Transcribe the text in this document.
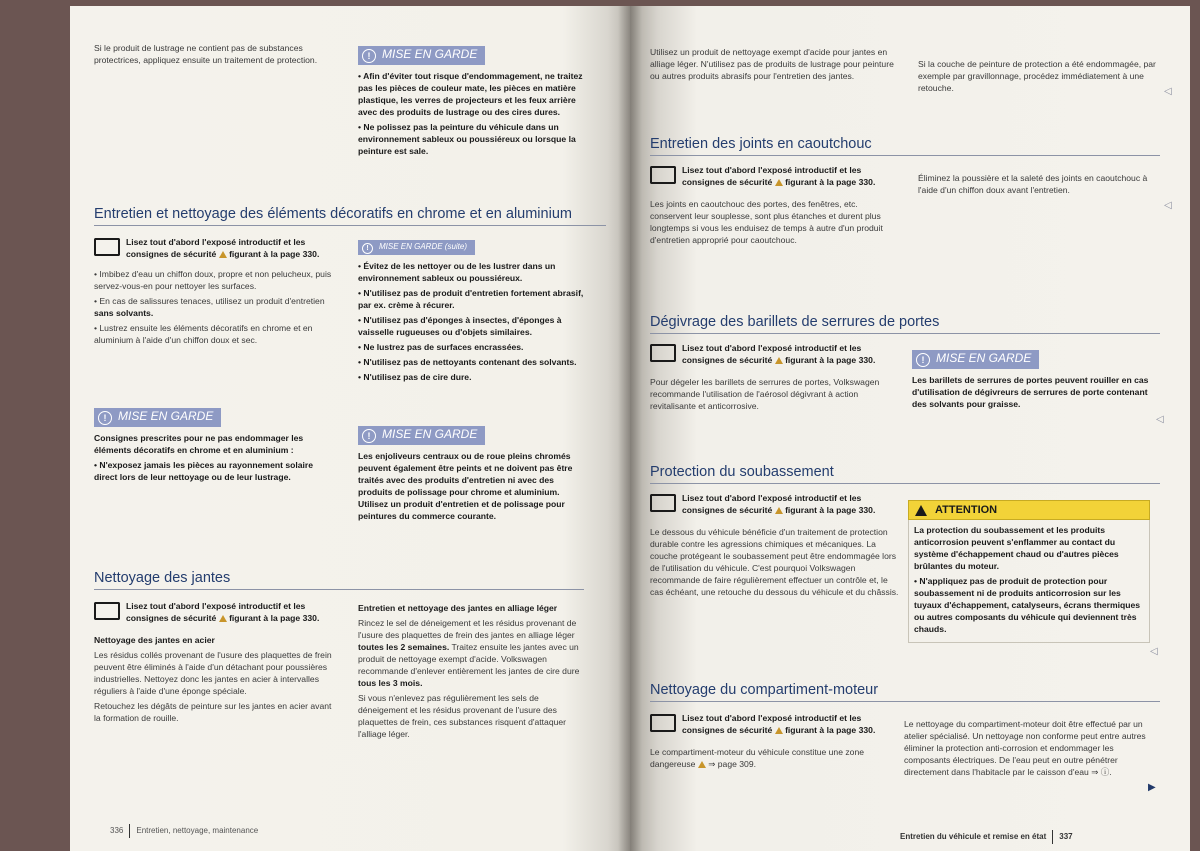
Si le produit de lustrage ne contient pas de substances protectrices, appliquez ensuite un traitement de protection.	! MISE EN GARDE

• Afin d'éviter tout risque d'endommagement, ne traitez pas les pièces de couleur mate, les pièces en matière plastique, les verres de projecteurs et les feux arrière avec des produits de lustrage ou des cires dures.

• Ne polissez pas la peinture du véhicule dans un environnement sableux ou poussiéreux ou lorsque la peinture est sale.

Entretien et nettoyage des éléments décoratifs en chrome et en aluminium
Lisez tout d'abord l'exposé introductif et les consignes de sécurité figurant à la page 330.

• Imbibez d'eau un chiffon doux, propre et non pelucheux, puis servez-vous-en pour nettoyer les surfaces.

• En cas de salissures tenaces, utilisez un produit d'entretien sans solvants.

• Lustrez ensuite les éléments décoratifs en chrome et en aluminium à l'aide d'un chiffon doux et sec.

! MISE EN GARDE

Consignes prescrites pour ne pas endommager les éléments décoratifs en chrome et en aluminium :

• N'exposez jamais les pièces au rayonnement solaire direct lors de leur nettoyage ou de leur lustrage.

! MISE EN GARDE (suite)

• Évitez de les nettoyer ou de les lustrer dans un environnement sableux ou poussiéreux.

• N'utilisez pas de produit d'entretien fortement abrasif, par ex. crème à récurer.

• N'utilisez pas d'éponges à insectes, d'éponges à vaisselle rugueuses ou d'objets similaires.

• Ne lustrez pas de surfaces encrassées.

• N'utilisez pas de nettoyants contenant des solvants.

• N'utilisez pas de cire dure.

! MISE EN GARDE

Les enjoliveurs centraux ou de roue pleins chromés peuvent également être peints et ne doivent pas être traités avec des produits d'entretien ni avec des produits de polissage pour chrome et aluminium. Utilisez un produit d'entretien et de polissage pour peintures du commerce courante.

Nettoyage des jantes
Lisez tout d'abord l'exposé introductif et les consignes de sécurité figurant à la page 330.

Nettoyage des jantes en acier

Les résidus collés provenant de l'usure des plaquettes de frein peuvent être éliminés à l'aide d'un détachant pour poussières industrielles. Nettoyez donc les jantes en acier à intervalles réguliers à l'aide d'une éponge spéciale.

Retouchez les dégâts de peinture sur les jantes en acier avant la formation de rouille.

Entretien et nettoyage des jantes en alliage léger

Rincez le sel de déneigement et les résidus provenant de l'usure des plaquettes de frein des jantes en alliage léger toutes les 2 semaines. Traitez ensuite les jantes avec un produit de nettoyage exempt d'acide. Volkswagen recommande d'enlever entièrement les jantes de cire dure tous les 3 mois.

Si vous n'enlevez pas régulièrement les sels de déneigement et les résidus provenant de l'usure des plaquettes de frein, ces substances risquent d'attaquer l'alliage léger.

336 Entretien, nettoyage, maintenance

Utilisez un produit de nettoyage exempt d'acide pour jantes en alliage léger. N'utilisez pas de produits de lustrage pour peinture ou autres produits abrasifs pour l'entretien des jantes.

Si la couche de peinture de protection a été endommagée, par exemple par gravillonnage, procédez immédiatement à une retouche.	◁
Entretien des joints en caoutchouc
Lisez tout d'abord l'exposé introductif et les consignes de sécurité figurant à la page 330.

Les joints en caoutchouc des portes, des fenêtres, etc. conservent leur souplesse, sont plus étanches et durent plus longtemps si vous les enduisez de temps à autre d'un produit d'entretien approprié pour caoutchouc.

Éliminez la poussière et la saleté des joints en caoutchouc à l'aide d'un chiffon doux avant l'entretien.

◁
Dégivrage des barillets de serrures de portes
Lisez tout d'abord l'exposé introductif et les consignes de sécurité figurant à la page 330.

Pour dégeler les barillets de serrures de portes, Volkswagen recommande l'utilisation de l'aérosol dégivrant à action revitalisante et anticorrosive.

! MISE EN GARDE

Les barillets de serrures de portes peuvent rouiller en cas d'utilisation de dégivreurs de serrures de porte contenant des solvants pour graisse.

◁
Protection du soubassement
Lisez tout d'abord l'exposé introductif et les consignes de sécurité figurant à la page 330.

Le dessous du véhicule bénéficie d'un traitement de protection durable contre les agressions chimiques et mécaniques. La couche protégeant le soubassement peut être endommagée lors de l'utilisation du véhicule. C'est pourquoi Volkswagen recommande de faire régulièrement effectuer un contrôle et, le cas échéant, une retouche du dessous du véhicule et du châssis.

ATTENTION

La protection du soubassement et les produits anticorrosion peuvent s'enflammer au contact du système d'échappement chaud ou d'autres pièces brûlantes du moteur.

• N'appliquez pas de produit de protection pour soubassement ni de produits anticorrosion sur les tuyaux d'échappement, catalyseurs, écrans thermiques ou autres composants du véhicule qui deviennent très chauds.

◁
Nettoyage du compartiment-moteur
Lisez tout d'abord l'exposé introductif et les consignes de sécurité figurant à la page 330.

Le compartiment-moteur du véhicule constitue une zone dangereuse ⇒ page 309.

Le nettoyage du compartiment-moteur doit être effectué par un atelier spécialisé. Un nettoyage non conforme peut entre autres éliminer la protection anti-corrosion et endommager les composants électriques. De l'eau peut en outre pénétrer directement dans l'habitacle par le caisson d'eau ⇒ ⓘ.

▶
Entretien du véhicule et remise en état 337
